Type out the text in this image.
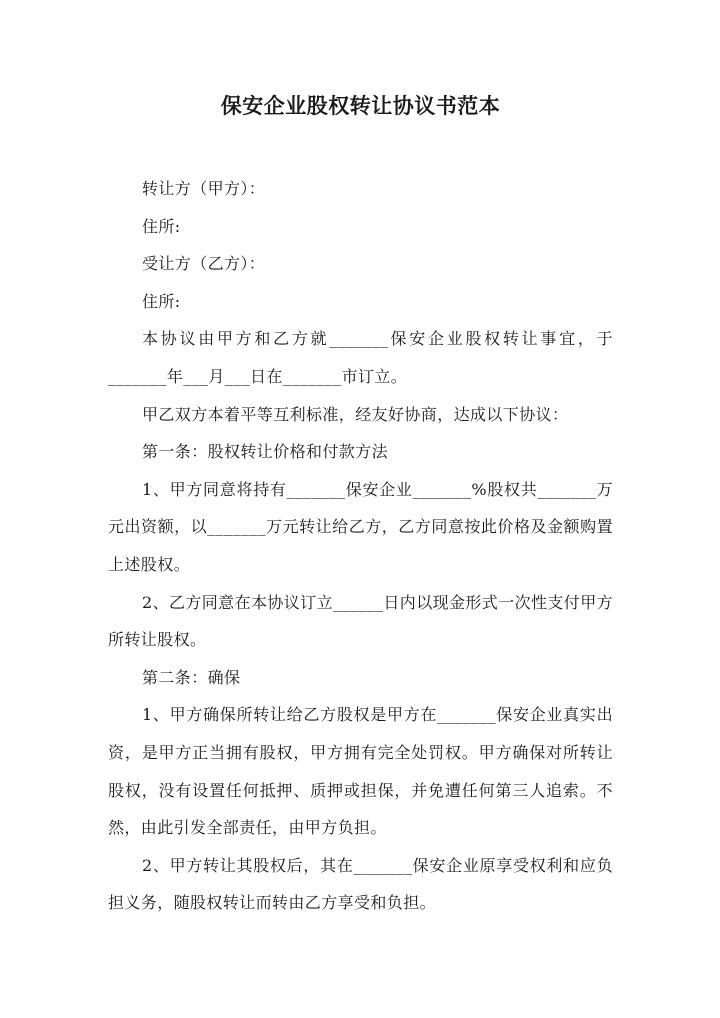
保安企业股权转让协议书范本

转让方（甲方）：

住所:

受让方（乙方）：

住所:

本协议由甲方和乙方就_______保安企业股权转让事宜，于_______年___月___日在_______市订立。

甲乙双方本着平等互利标准，经友好协商，达成以下协议：

第一条：股权转让价格和付款方法

1、甲方同意将持有_______保安企业_______%股权共_______万元出资额，以_______万元转让给乙方，乙方同意按此价格及金额购置上述股权。

2、乙方同意在本协议订立______日内以现金形式一次性支付甲方所转让股权。

第二条：确保

1、甲方确保所转让给乙方股权是甲方在_______保安企业真实出资，是甲方正当拥有股权，甲方拥有完全处罚权。甲方确保对所转让股权，没有设置任何抵押、质押或担保，并免遭任何第三人追索。不然，由此引发全部责任，由甲方负担。

2、甲方转让其股权后，其在_______保安企业原享受权利和应负担义务，随股权转让而转由乙方享受和负担。
